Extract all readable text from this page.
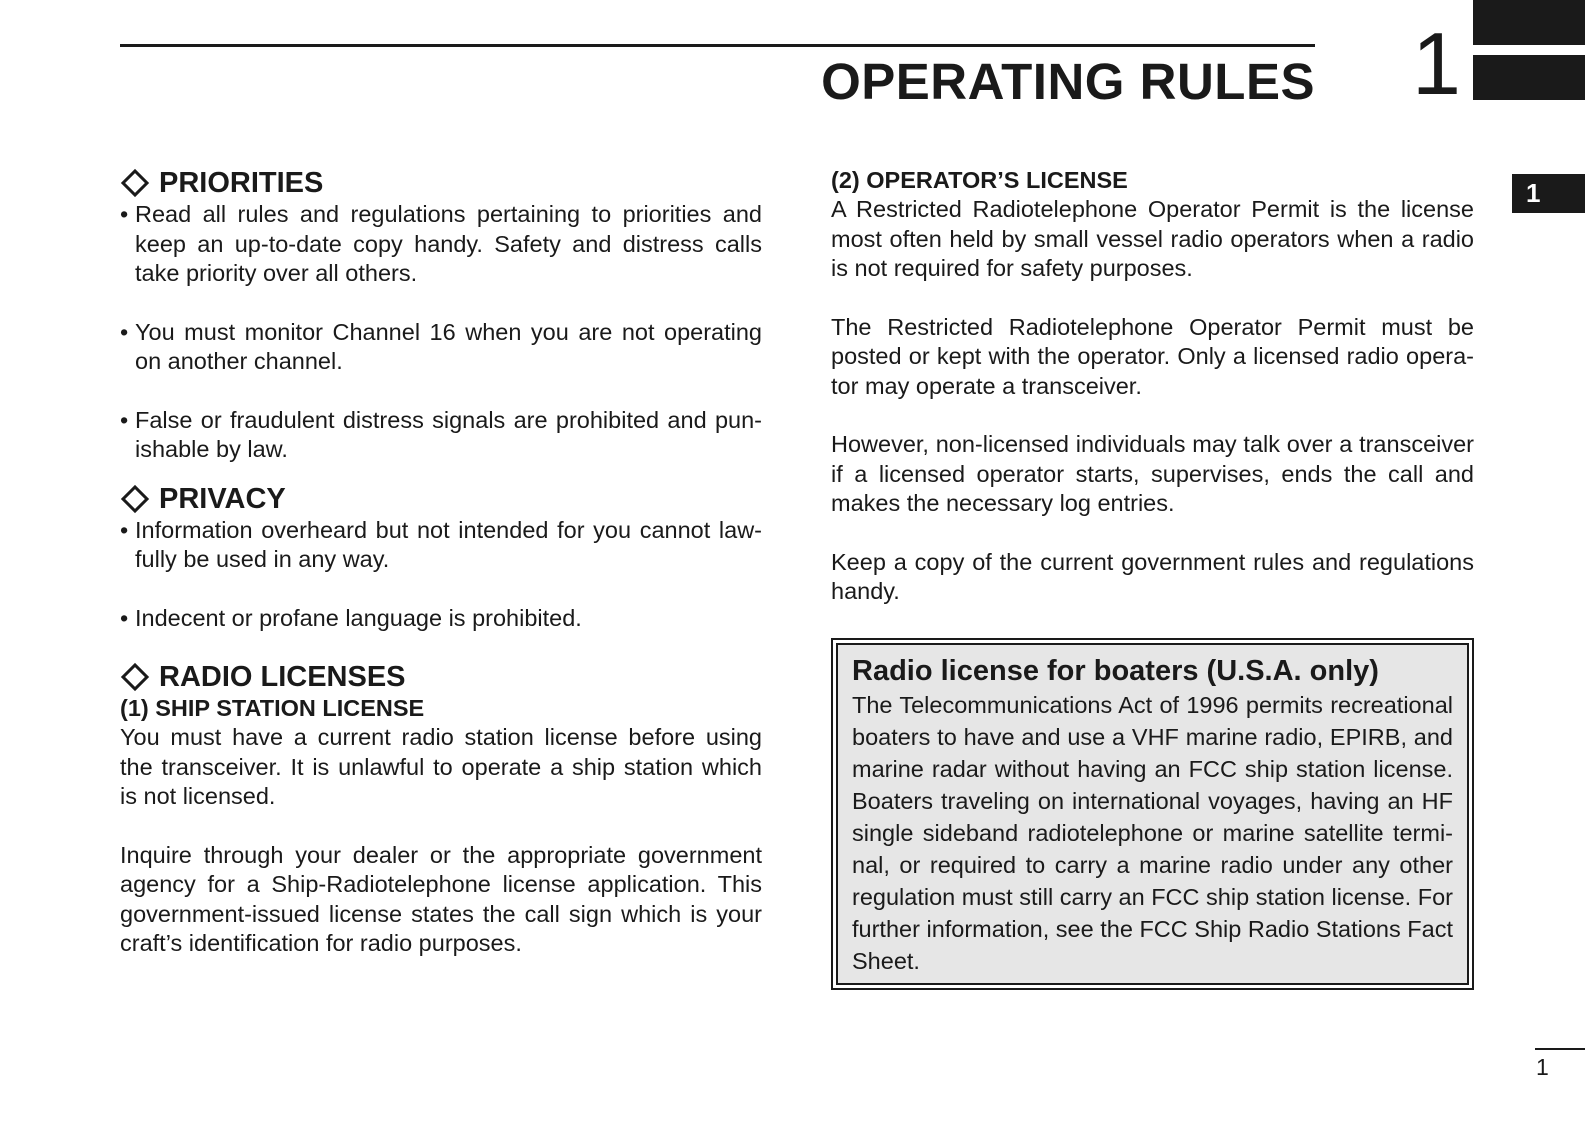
OPERATING RULES 1
1
PRIORITIES
• Read all rules and regulations pertaining to priorities and keep an up-to-date copy handy. Safety and distress calls take priority over all others.
• You must monitor Channel 16 when you are not operating on another channel.
• False or fraudulent distress signals are prohibited and pun-ishable by law.
PRIVACY
• Information overheard but not intended for you cannot law-fully be used in any way.
• Indecent or profane language is prohibited.
RADIO LICENSES
(1) SHIP STATION LICENSE
You must have a current radio station license before using the transceiver. It is unlawful to operate a ship station which is not licensed.
Inquire through your dealer or the appropriate government agency for a Ship-Radiotelephone license application. This government-issued license states the call sign which is your craft’s identification for radio purposes.
(2) OPERATOR’S LICENSE
A Restricted Radiotelephone Operator Permit is the license most often held by small vessel radio operators when a radio is not required for safety purposes.
The Restricted Radiotelephone Operator Permit must be posted or kept with the operator. Only a licensed radio opera-tor may operate a transceiver.
However, non-licensed individuals may talk over a transceiver if a licensed operator starts, supervises, ends the call and makes the necessary log entries.
Keep a copy of the current government rules and regulations handy.
Radio license for boaters (U.S.A. only)
The Telecommunications Act of 1996 permits recreational boaters to have and use a VHF marine radio, EPIRB, and marine radar without having an FCC ship station license. Boaters traveling on international voyages, having an HF single sideband radiotelephone or marine satellite termi-nal, or required to carry a marine radio under any other regulation must still carry an FCC ship station license. For further information, see the FCC Ship Radio Stations Fact Sheet.
1
